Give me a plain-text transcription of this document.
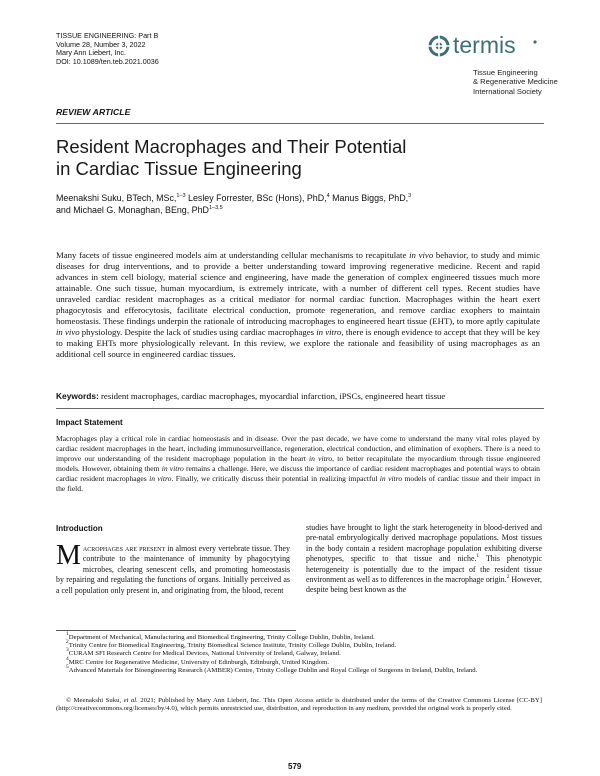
TISSUE ENGINEERING: Part B
Volume 28, Number 3, 2022
Mary Ann Liebert, Inc.
DOI: 10.1089/ten.teb.2021.0036
termis
Tissue Engineering
& Regenerative Medicine
International Society
REVIEW ARTICLE
Resident Macrophages and Their Potential
in Cardiac Tissue Engineering
Meenakshi Suku, BTech, MSc,$^{1-3}$ Lesley Forrester, BSc (Hons), PhD,$^4$ Manus Biggs, PhD,$^3$
and Michael G. Monaghan, BEng, PhD$^{1-3,5}$
Many facets of tissue engineered models aim at understanding cellular mechanisms to recapitulate in vivo behavior, to study and mimic diseases for drug interventions, and to provide a better understanding toward improving regenerative medicine. Recent and rapid advances in stem cell biology, material science and engineering, have made the generation of complex engineered tissues much more attainable. One such tissue, human myocardium, is extremely intricate, with a number of different cell types. Recent studies have unraveled cardiac resident macrophages as a critical mediator for normal cardiac function. Macrophages within the heart exert phagocytosis and efferocytosis, facilitate electrical conduction, promote regeneration, and remove cardiac exophers to maintain homeostasis. These findings underpin the rationale of introducing macrophages to engineered heart tissue (EHT), to more aptly capitulate in vivo physiology. Despite the lack of studies using cardiac macrophages in vitro, there is enough evidence to accept that they will be key to making EHTs more physiologically relevant. In this review, we explore the rationale and feasibility of using macrophages as an additional cell source in engineered cardiac tissues.
Keywords: resident macrophages, cardiac macrophages, myocardial infarction, iPSCs, engineered heart tissue
Impact Statement
Macrophages play a critical role in cardiac homeostasis and in disease. Over the past decade, we have come to understand the many vital roles played by cardiac resident macrophages in the heart, including immunosurveillance, regeneration, electrical conduction, and elimination of exophers. There is a need to improve our understanding of the resident macrophage population in the heart in vitro, to better recapitulate the myocardium through tissue engineered models. However, obtaining them in vitro remains a challenge. Here, we discuss the importance of cardiac resident macrophages and potential ways to obtain cardiac resident macrophages in vitro. Finally, we critically discuss their potential in realizing impactful in vitro models of cardiac tissue and their impact in the field.
Introduction
Macrophages are present in almost every vertebrate tissue. They contribute to the maintenance of immunity by phagocytying microbes, clearing senescent cells, and promoting homeostasis by repairing and regulating the functions of organs. Initially perceived as a cell population only present in, and originating from, the blood, recent
studies have brought to light the stark heterogeneity in blood-derived and pre-natal embryologically derived macrophage populations. Most tissues in the body contain a resident macrophage population exhibiting diverse phenotypes, specific to that tissue and niche.$^1$ This phenotypic heterogeneity is potentially due to the impact of the resident tissue environment as well as to differences in the macrophage origin.$^2$ However, despite being best known as the
$^1$Department of Mechanical, Manufacturing and Biomedical Engineering, Trinity College Dublin, Dublin, Ireland.
$^2$Trinity Centre for Biomedical Engineering, Trinity Biomedical Science Institute, Trinity College Dublin, Dublin, Ireland.
$^3$CURAM SFI Research Centre for Medical Devices, National University of Ireland, Galway, Ireland.
$^4$MRC Centre for Regenerative Medicine, University of Edinburgh, Edinburgh, United Kingdom.
$^5$Advanced Materials for Bioengineering Research (AMBER) Centre, Trinity College Dublin and Royal College of Surgeons in Ireland, Dublin, Ireland.
© Meenakshi Suku, et al. 2021; Published by Mary Ann Liebert, Inc. This Open Access article is distributed under the terms of the Creative Commons License [CC-BY] (http://creativecommons.org/licenses/by/4.0), which permits unrestricted use, distribution, and reproduction in any medium, provided the original work is properly cited.
579
